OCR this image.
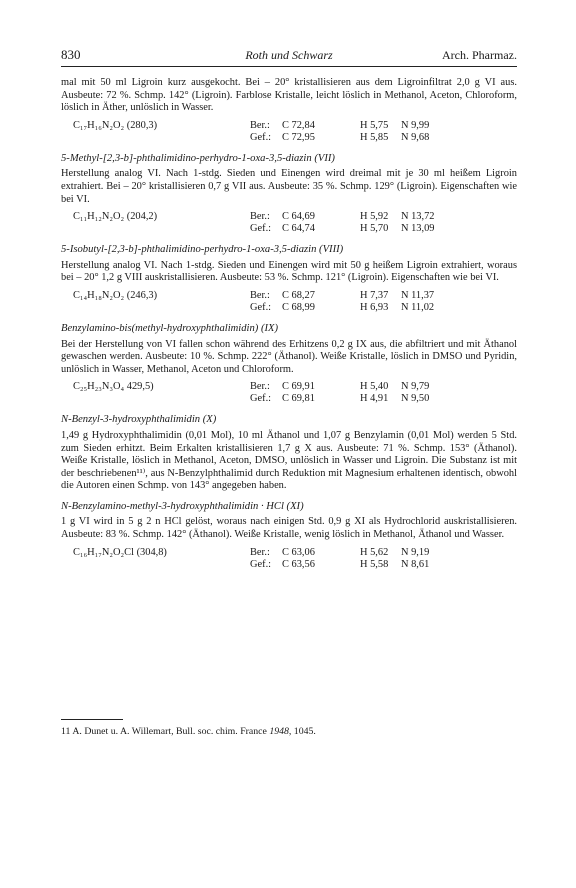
830	Roth und Schwarz	Arch. Pharmaz.

mal mit 50 ml Ligroin kurz ausgekocht. Bei – 20° kristallisieren aus dem Ligroinfiltrat 2,0 g VI aus. Ausbeute: 72 %. Schmp. 142° (Ligroin). Farblose Kristalle, leicht löslich in Methanol, Aceton, Chloroform, löslich in Äther, unlöslich in Wasser.

C₁₇H₁₆N₂O₂ (280,3)	Ber.: C 72,84	H 5,75 N 9,99
Gef.: C 72,95	H 5,85 N 9,68

5-Methyl-[2,3-b]-phthalimidino-perhydro-1-oxa-3,5-diazin (VII)

Herstellung analog VI. Nach 1-stdg. Sieden und Einengen wird dreimal mit je 30 ml heißem Ligroin extrahiert. Bei – 20° kristallisieren 0,7 g VII aus. Ausbeute: 35 %. Schmp. 129° (Ligroin). Eigenschaften wie bei VI.

C₁₁H₁₂N₂O₂ (204,2)	Ber.: C 64,69	H 5,92 N 13,72
Gef.: C 64,74	H 5,70 N 13,09

5-Isobutyl-[2,3-b]-phthalimidino-perhydro-1-oxa-3,5-diazin (VIII)

Herstellung analog VI. Nach 1-stdg. Sieden und Einengen wird mit 50 g heißem Ligroin extrahiert, woraus bei – 20° 1,2 g VIII auskristallisieren. Ausbeute: 53 %. Schmp. 121° (Ligroin). Eigenschaften wie bei VI.

C₁₄H₁₈N₂O₂ (246,3)	Ber.: C 68,27	H 7,37 N 11,37
Gef.: C 68,99	H 6,93 N 11,02

Benzylamino-bis(methyl-hydroxyphthalimidin) (IX)

Bei der Herstellung von VI fallen schon während des Erhitzens 0,2 g IX aus, die abfiltriert und mit Äthanol gewaschen werden. Ausbeute: 10 %. Schmp. 222° (Äthanol). Weiße Kristalle, löslich in DMSO und Pyridin, unlöslich in Wasser, Methanol, Aceton und Chloroform.

C₂₅H₂₃N₃O₄ 429,5)	Ber.: C 69,91	H 5,40 N 9,79
Gef.: C 69,81	H 4,91 N 9,50

N-Benzyl-3-hydroxyphthalimidin (X)

1,49 g Hydroxyphthalimidin (0,01 Mol), 10 ml Äthanol und 1,07 g Benzylamin (0,01 Mol) werden 5 Std. zum Sieden erhitzt. Beim Erkalten kristallisieren 1,7 g X aus. Ausbeute: 71 %. Schmp. 153° (Äthanol). Weiße Kristalle, löslich in Methanol, Aceton, DMSO, unlöslich in Wasser und Ligroin. Die Substanz ist mit der beschriebenen¹¹⁾, aus N-Benzylphthalimid durch Reduktion mit Magnesium erhaltenen identisch, obwohl die Autoren einen Schmp. von 143° angegeben haben.

N-Benzylamino-methyl-3-hydroxyphthalimidin · HCl (XI)

1 g VI wird in 5 g 2 n HCl gelöst, woraus nach einigen Std. 0,9 g XI als Hydrochlorid auskristallisieren. Ausbeute: 83 %. Schmp. 142° (Äthanol). Weiße Kristalle, wenig löslich in Methanol, Äthanol und Wasser.

C₁₆H₁₇N₂O₂Cl (304,8)	Ber.: C 63,06	H 5,62 N 9,19
Gef.: C 63,56	H 5,58 N 8,61
11 A. Dunet u. A. Willemart, Bull. soc. chim. France 1948, 1045.
